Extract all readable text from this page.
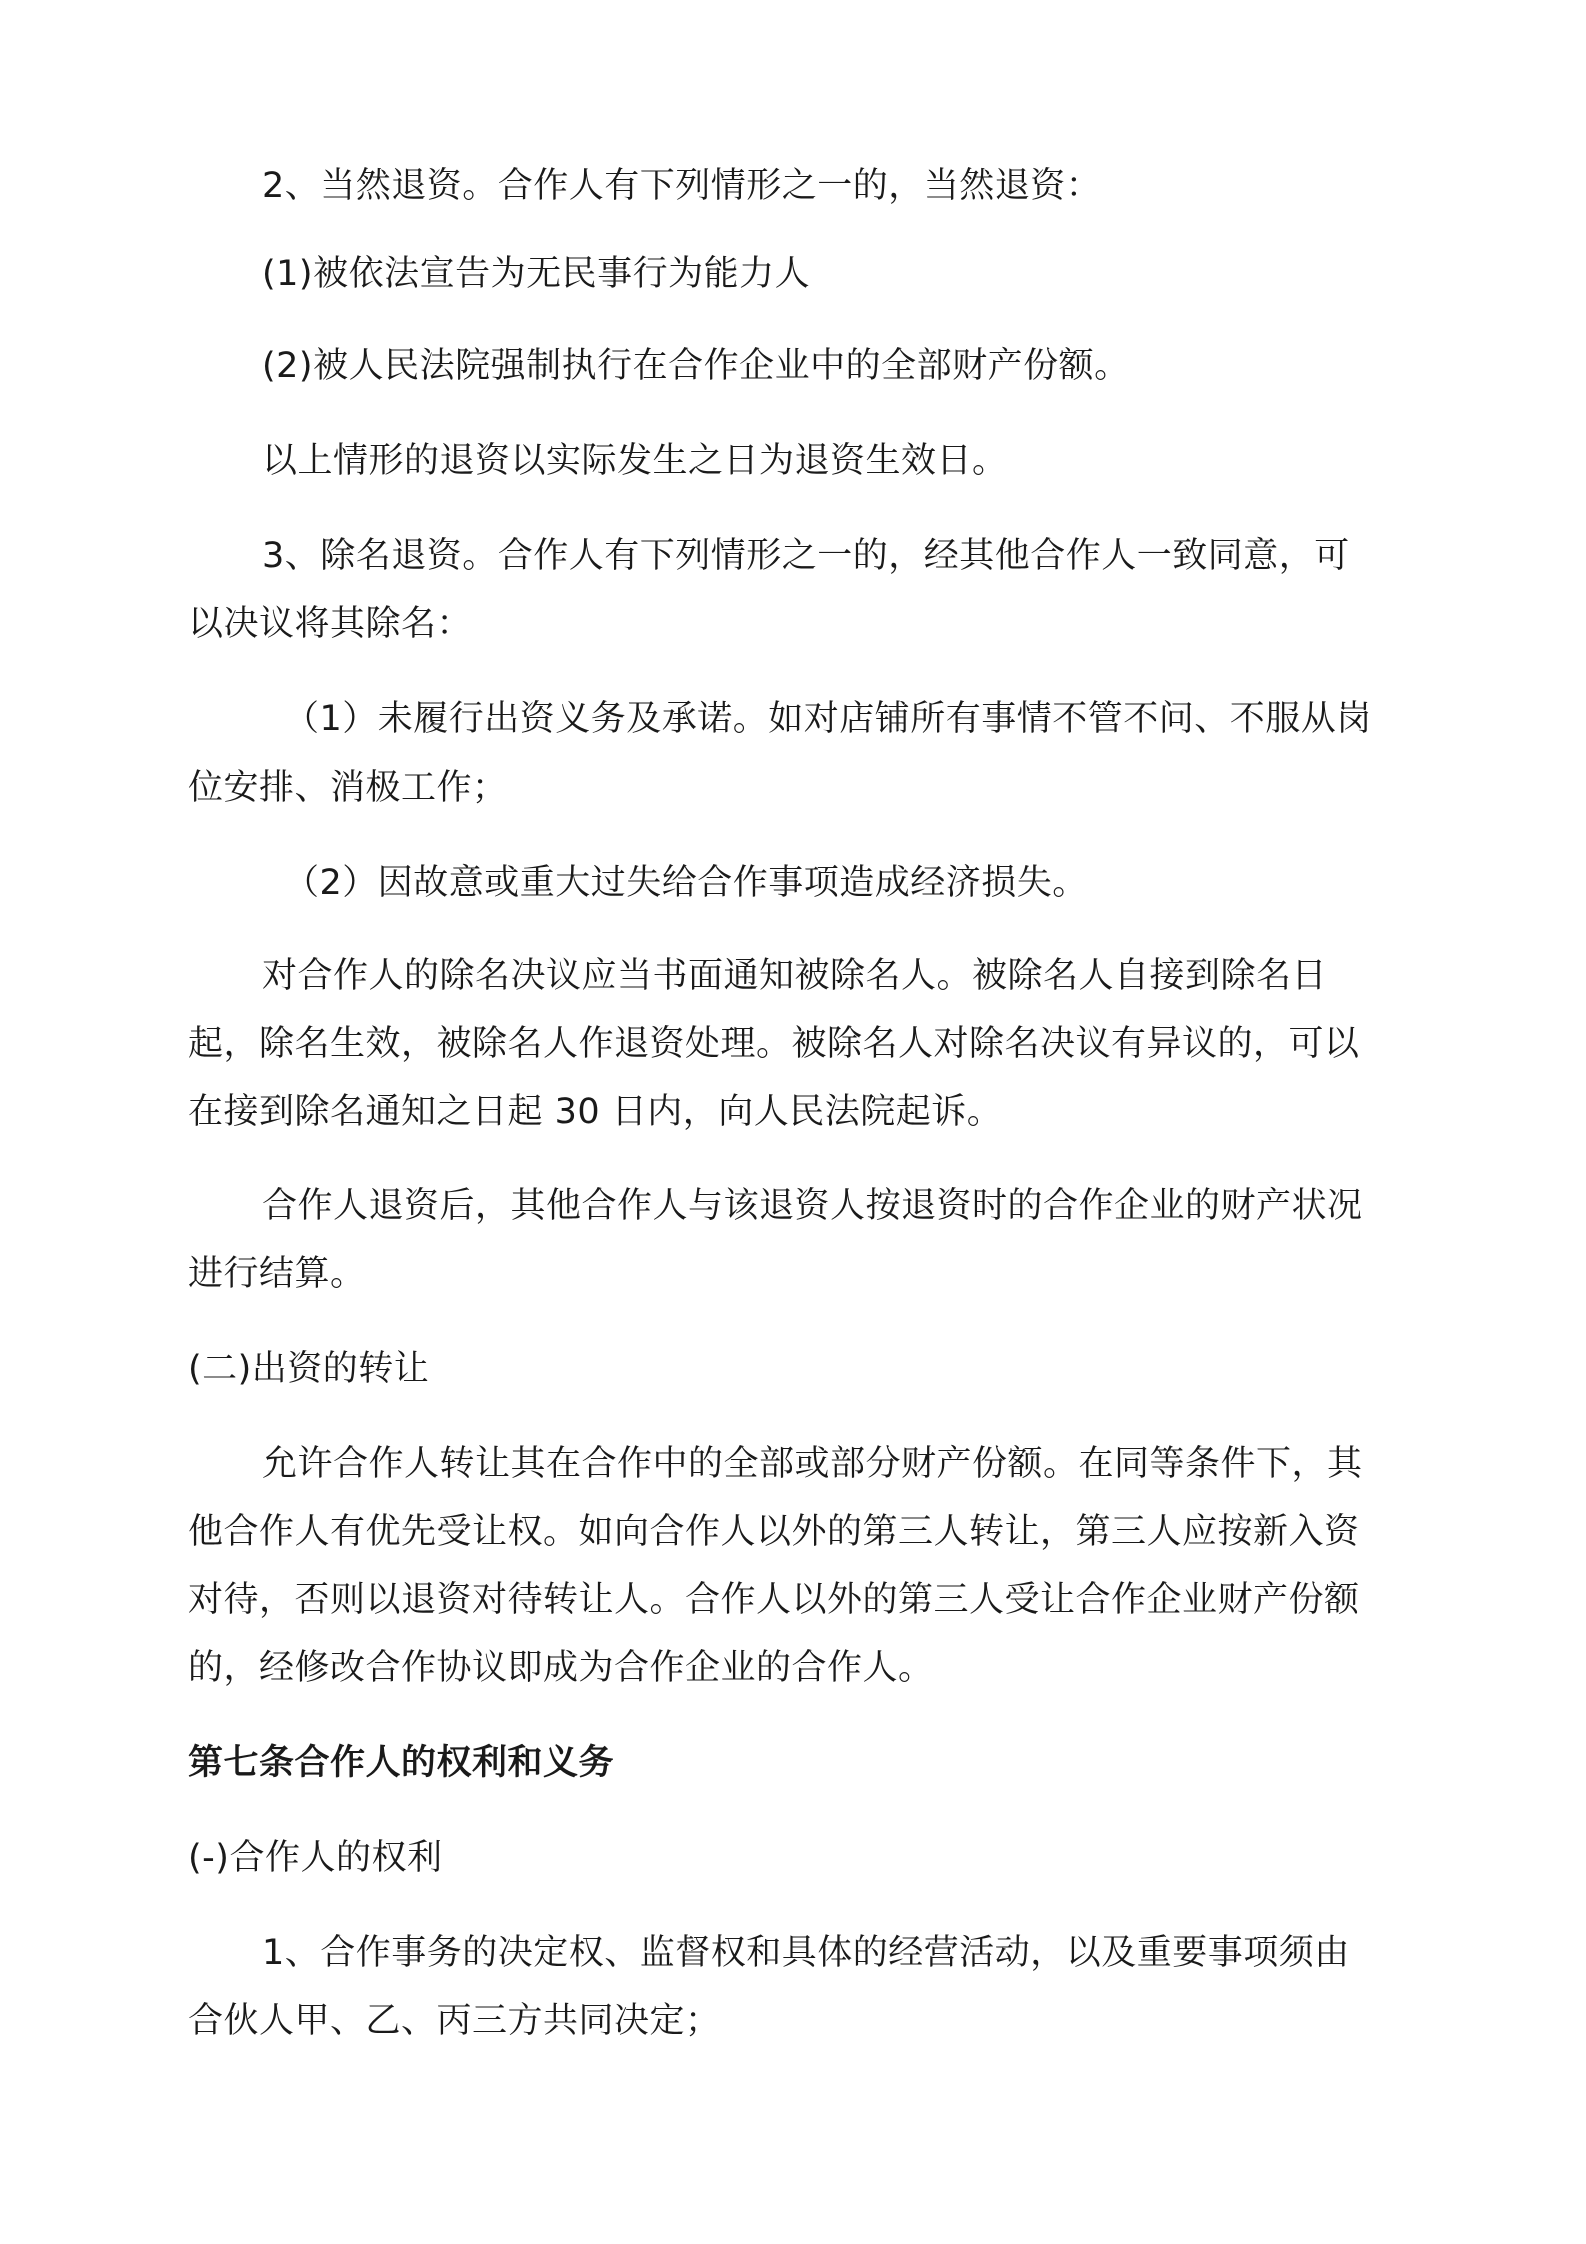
2、当然退资。合作人有下列情形之一的，当然退资：
(1)被依法宣告为无民事行为能力人
(2)被人民法院强制执行在合作企业中的全部财产份额。
以上情形的退资以实际发生之日为退资生效日。
3、除名退资。合作人有下列情形之一的，经其他合作人一致同意，可
以决议将其除名：
（1）未履行出资义务及承诺。如对店铺所有事情不管不问、不服从岗
位安排、消极工作；
（2）因故意或重大过失给合作事项造成经济损失。
对合作人的除名决议应当书面通知被除名人。被除名人自接到除名日
起，除名生效，被除名人作退资处理。被除名人对除名决议有异议的，可以
在接到除名通知之日起 30 日内，向人民法院起诉。
合作人退资后，其他合作人与该退资人按退资时的合作企业的财产状况
进行结算。
(二)出资的转让
允许合作人转让其在合作中的全部或部分财产份额。在同等条件下，其
他合作人有优先受让权。如向合作人以外的第三人转让，第三人应按新入资
对待，否则以退资对待转让人。合作人以外的第三人受让合作企业财产份额
的，经修改合作协议即成为合作企业的合作人。
第七条合作人的权利和义务
(-)合作人的权利
1、合作事务的决定权、监督权和具体的经营活动，以及重要事项须由
合伙人甲、乙、丙三方共同决定；
